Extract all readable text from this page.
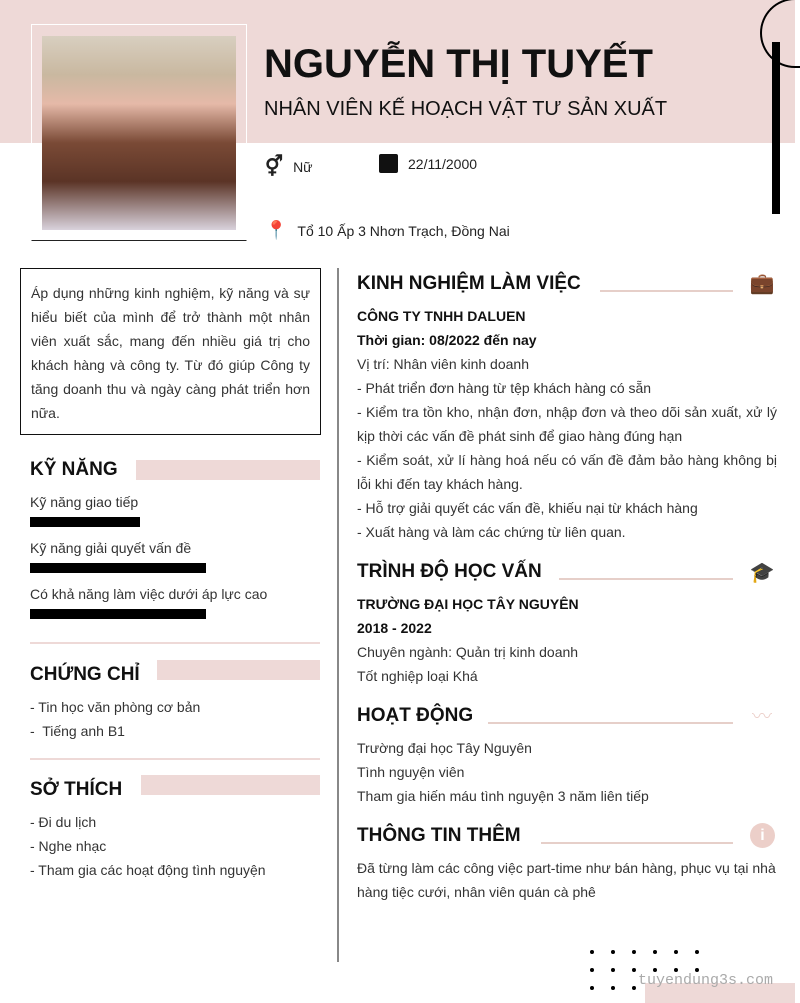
NGUYỄN THỊ TUYẾT
NHÂN VIÊN KẾ HOẠCH VẬT TƯ SẢN XUẤT
⚥ Nữ	22/11/2000
📍 Tổ 10 Ấp 3 Nhơn Trạch, Đồng Nai
Áp dụng những kinh nghiệm, kỹ năng và sự hiểu biết của mình để trở thành một nhân viên xuất sắc, mang đến nhiều giá trị cho khách hàng và công ty. Từ đó giúp Công ty tăng doanh thu và ngày càng phát triển hơn nữa.
KỸ NĂNG
Kỹ năng giao tiếp
Kỹ năng giải quyết vấn đề
Có khả năng làm việc dưới áp lực cao
CHỨNG CHỈ
- Tin học văn phòng cơ bản
-  Tiếng anh B1
SỞ THÍCH
- Đi du lịch
- Nghe nhạc
- Tham gia các hoạt động tình nguyện
KINH NGHIỆM LÀM VIỆC	💼
CÔNG TY TNHH DALUEN
Thời gian: 08/2022 đến nay
Vị trí: Nhân viên kinh doanh
- Phát triển đơn hàng từ tệp khách hàng có sẵn
- Kiểm tra tồn kho, nhận đơn, nhập đơn và theo dõi sản xuất, xử lý kịp thời các vấn đề phát sinh để giao hàng đúng hạn
- Kiểm soát, xử lí hàng hoá nếu có vấn đề đảm bảo hàng không bị lỗi khi đến tay khách hàng.
- Hỗ trợ giải quyết các vấn đề, khiếu nại từ khách hàng
- Xuất hàng và làm các chứng từ liên quan.
TRÌNH ĐỘ HỌC VẤN	🎓
TRƯỜNG ĐẠI HỌC TÂY NGUYÊN
2018 - 2022
Chuyên ngành: Quản trị kinh doanh
Tốt nghiệp loại Khá
HOẠT ĐỘNG	〰
Trường đại học Tây Nguyên
Tình nguyện viên
Tham gia hiến máu tình nguyện 3 năm liên tiếp
THÔNG TIN THÊM	i
Đã từng làm các công việc part-time như bán hàng, phục vụ tại nhà hàng tiệc cưới, nhân viên quán cà phê
tuyendung3s.com
